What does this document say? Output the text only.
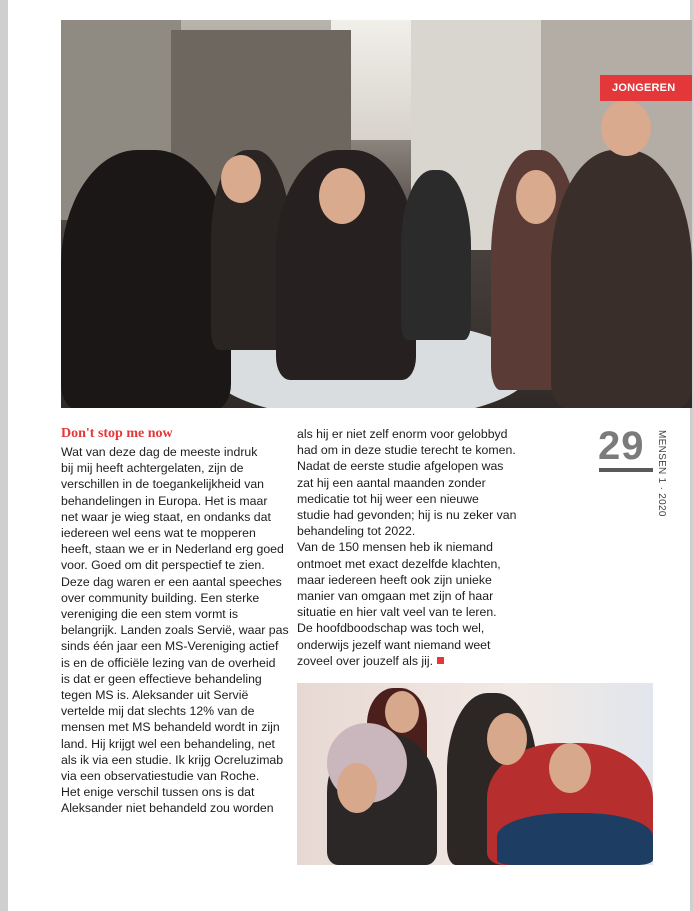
JONGEREN
Don't stop me now

Wat van deze dag de meeste indruk

bij mij heeft achtergelaten, zijn de

verschillen in de toegankelijkheid van

behandelingen in Europa. Het is maar

net waar je wieg staat, en ondanks dat

iedereen wel eens wat te mopperen

heeft, staan we er in Nederland erg goed

voor. Goed om dit perspectief te zien.

Deze dag waren er een aantal speeches

over community building. Een sterke

vereniging die een stem vormt is

belangrijk. Landen zoals Servië, waar pas

sinds één jaar een MS-Vereniging actief

is en de officiële lezing van de overheid

is dat er geen effectieve behandeling

tegen MS is. Aleksander uit Servië

vertelde mij dat slechts 12% van de

mensen met MS behandeld wordt in zijn

land. Hij krijgt wel een behandeling, net

als ik via een studie. Ik krijg Ocreluzimab

via een observatiestudie van Roche.

Het enige verschil tussen ons is dat

Aleksander niet behandeld zou worden

als hij er niet zelf enorm voor gelobbyd

had om in deze studie terecht te komen.

Nadat de eerste studie afgelopen was

zat hij een aantal maanden zonder

medicatie tot hij weer een nieuwe

studie had gevonden; hij is nu zeker van

behandeling tot 2022.

Van de 150 mensen heb ik niemand

ontmoet met exact dezelfde klachten,

maar iedereen heeft ook zijn unieke

manier van omgaan met zijn of haar

situatie en hier valt veel van te leren.

De hoofdboodschap was toch wel,

onderwijs jezelf want niemand weet

zoveel over jouzelf als jij.

29 MENSEN 1 · 2020
